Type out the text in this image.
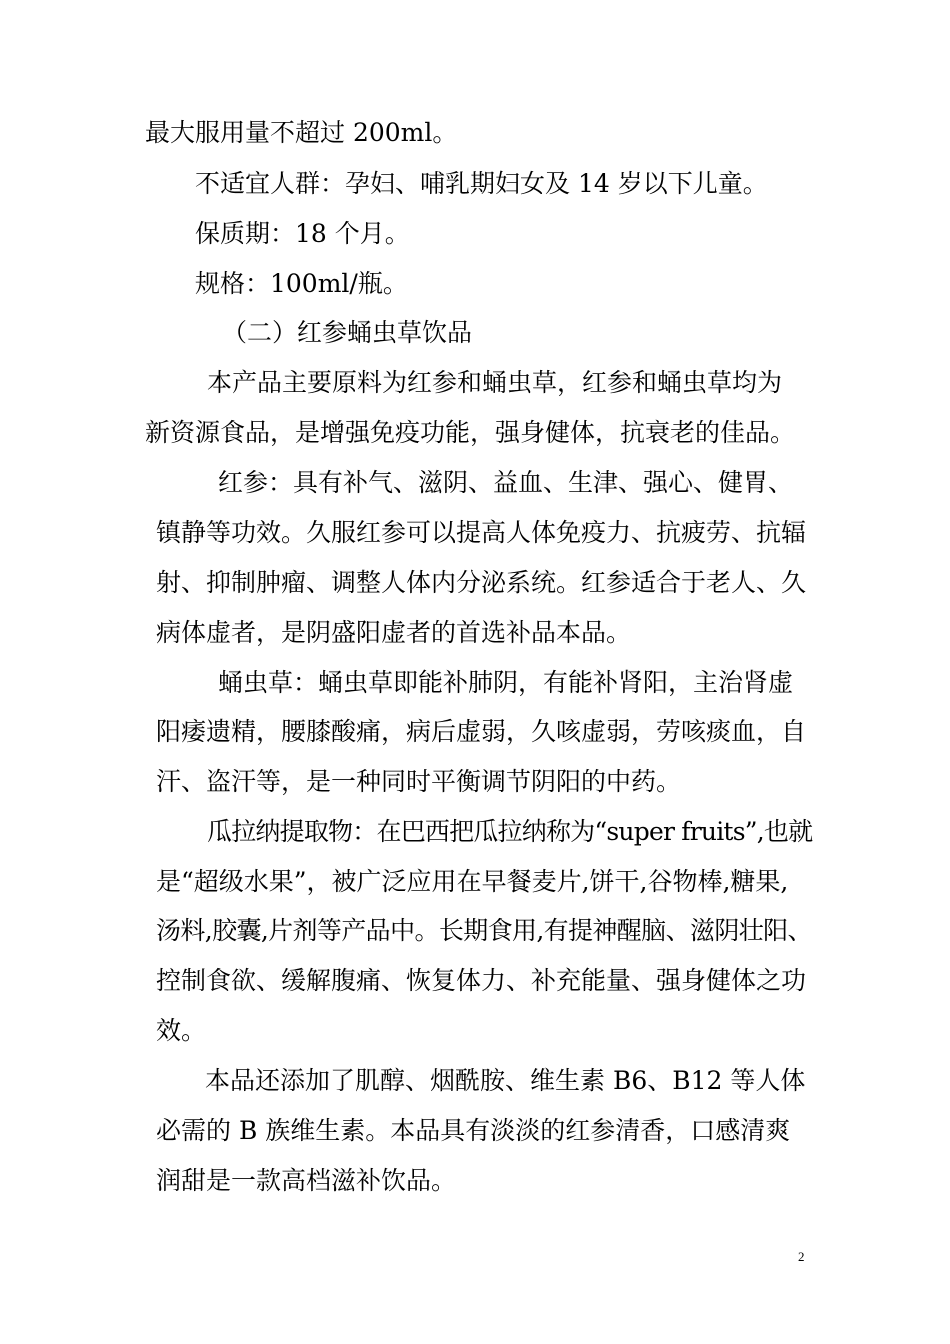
最大服用量不超过 200ml。
不适宜人群：孕妇、哺乳期妇女及 14 岁以下儿童。
保质期：18 个月。
规格：100ml/瓶。
（二）红参蛹虫草饮品
本产品主要原料为红参和蛹虫草，红参和蛹虫草均为
新资源食品，是增强免疫功能，强身健体，抗衰老的佳品。
红参：具有补气、滋阴、益血、生津、强心、健胃、
镇静等功效。久服红参可以提高人体免疫力、抗疲劳、抗辐
射、抑制肿瘤、调整人体内分泌系统。红参适合于老人、久
病体虚者，是阴盛阳虚者的首选补品本品。
蛹虫草：蛹虫草即能补肺阴，有能补肾阳，主治肾虚
阳痿遗精，腰膝酸痛，病后虚弱，久咳虚弱，劳咳痰血，自
汗、盗汗等，是一种同时平衡调节阴阳的中药。
瓜拉纳提取物：在巴西把瓜拉纳称为“super fruits”,也就
是“超级水果”，被广泛应用在早餐麦片,饼干,谷物棒,糖果,
汤料,胶囊,片剂等产品中。长期食用,有提神醒脑、滋阴壮阳、
控制食欲、缓解腹痛、恢复体力、补充能量、强身健体之功
效。
本品还添加了肌醇、烟酰胺、维生素 B6、B12 等人体
必需的 B 族维生素。本品具有淡淡的红参清香，口感清爽
润甜是一款高档滋补饮品。
2
